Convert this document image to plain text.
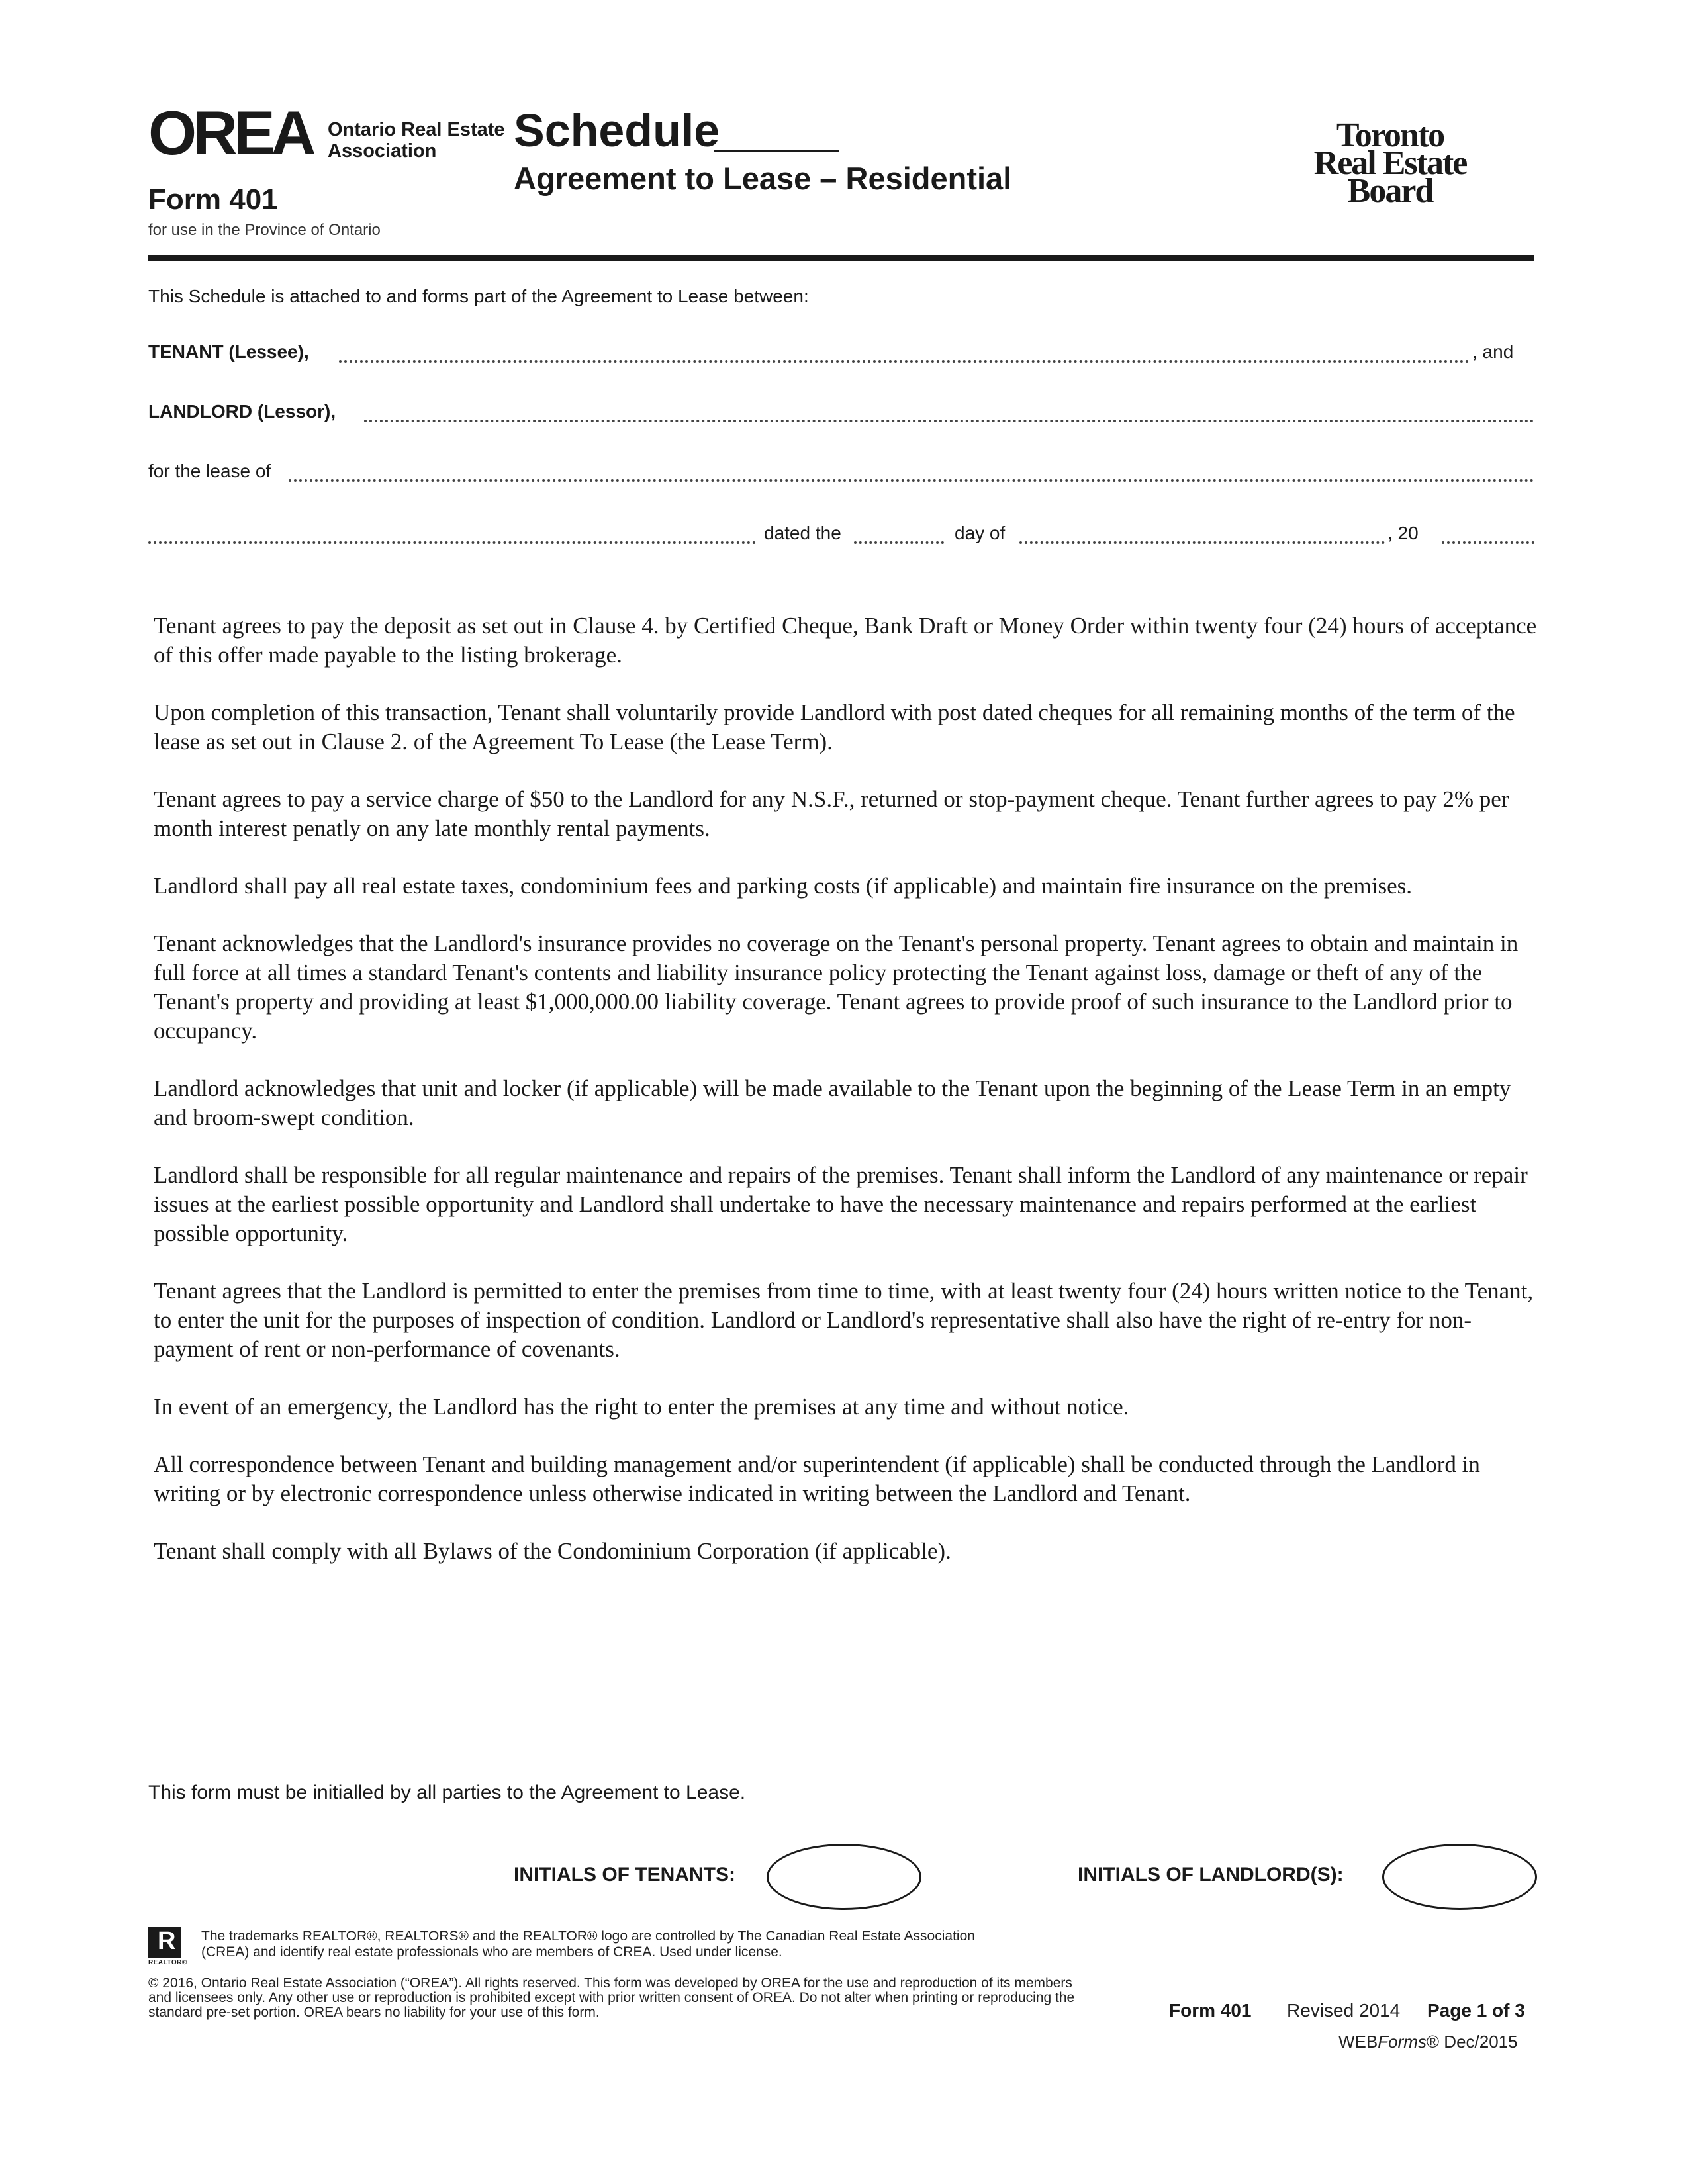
OREA Ontario Real Estate
Association
Form 401
for use in the Province of Ontario
Schedule
Agreement to Lease – Residential
Toronto
Real Estate
Board
This Schedule is attached to and forms part of the Agreement to Lease between:
TENANT (Lessee),	, and
LANDLORD (Lessor),
for the lease of
dated the	day of	, 20

Tenant agrees to pay the deposit as set out in Clause 4. by Certified Cheque, Bank Draft or Money Order within twenty four (24) hours of acceptance of this offer made payable to the listing brokerage.

Upon completion of this transaction, Tenant shall voluntarily provide Landlord with post dated cheques for all remaining months of the term of the lease as set out in Clause 2. of the Agreement To Lease (the Lease Term).

Tenant agrees to pay a service charge of $50 to the Landlord for any N.S.F., returned or stop-payment cheque. Tenant further agrees to pay 2% per month interest penatly on any late monthly rental payments.

Landlord shall pay all real estate taxes, condominium fees and parking costs (if applicable) and maintain fire insurance on the premises.

Tenant acknowledges that the Landlord's insurance provides no coverage on the Tenant's personal property. Tenant agrees to obtain and maintain in full force at all times a standard Tenant's contents and liability insurance policy protecting the Tenant against loss, damage or theft of any of the Tenant's property and providing at least $1,000,000.00 liability coverage. Tenant agrees to provide proof of such insurance to the Landlord prior to occupancy.

Landlord acknowledges that unit and locker (if applicable) will be made available to the Tenant upon the beginning of the Lease Term in an empty and broom-swept condition.

Landlord shall be responsible for all regular maintenance and repairs of the premises. Tenant shall inform the Landlord of any maintenance or repair issues at the earliest possible opportunity and Landlord shall undertake to have the necessary maintenance and repairs performed at the earliest possible opportunity.

Tenant agrees that the Landlord is permitted to enter the premises from time to time, with at least twenty four (24) hours written notice to the Tenant, to enter the unit for the purposes of inspection of condition. Landlord or Landlord's representative shall also have the right of re-entry for non-payment of rent or non-performance of covenants.

In event of an emergency, the Landlord has the right to enter the premises at any time and without notice.

All correspondence between Tenant and building management and/or superintendent (if applicable) shall be conducted through the Landlord in writing or by electronic correspondence unless otherwise indicated in writing between the Landlord and Tenant.

Tenant shall comply with all Bylaws of the Condominium Corporation (if applicable).

This form must be initialled by all parties to the Agreement to Lease.
INITIALS OF TENANTS:	INITIALS OF LANDLORD(S):
R
REALTOR®
The trademarks REALTOR®, REALTORS® and the REALTOR® logo are controlled by The Canadian Real Estate Association (CREA) and identify real estate professionals who are members of CREA. Used under license.
© 2016, Ontario Real Estate Association (“OREA”). All rights reserved. This form was developed by OREA for the use and reproduction of its members and licensees only. Any other use or reproduction is prohibited except with prior written consent of OREA. Do not alter when printing or reproducing the standard pre-set portion. OREA bears no liability for your use of this form.	Form 401 Revised 2014 Page 1 of 3
WEBForms® Dec/2015
